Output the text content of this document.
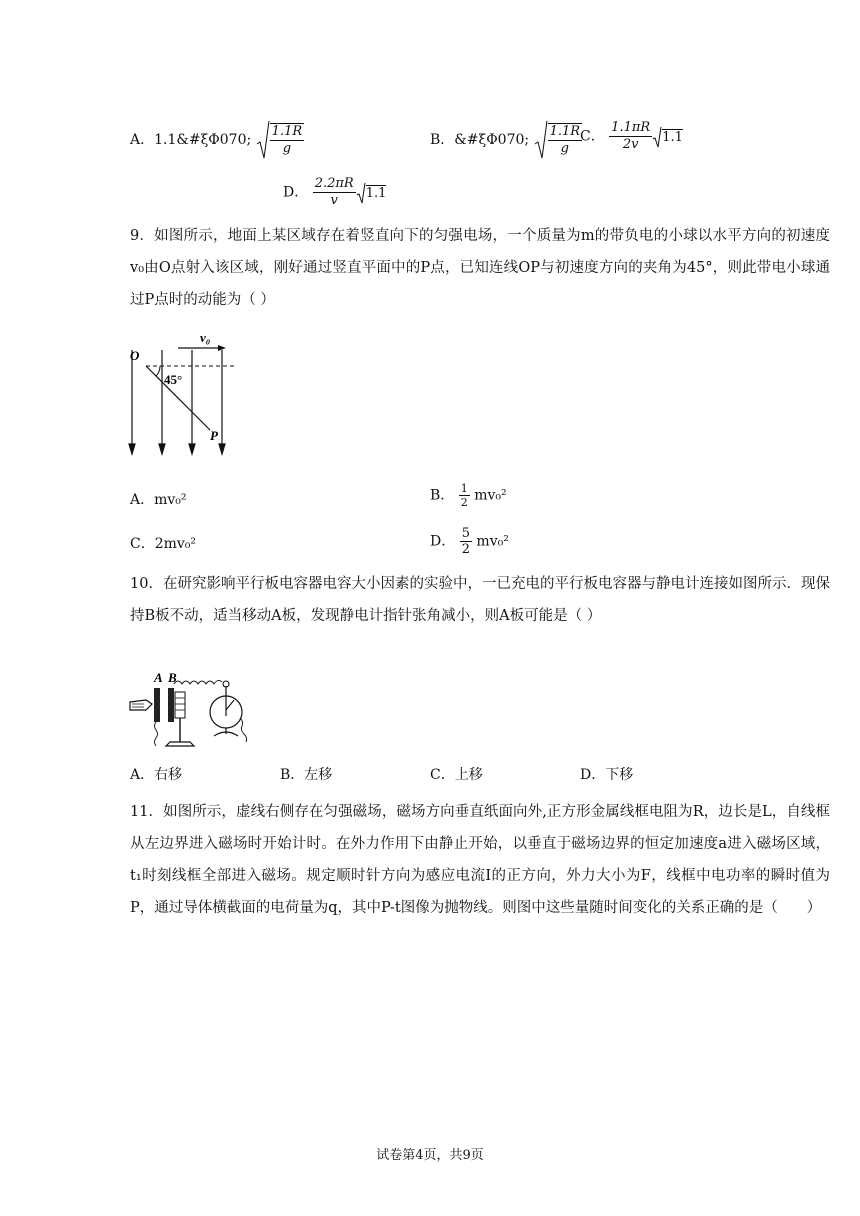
A．1.1&#ξΦ070; $\frac{1.1R}{g}$	B．&#ξΦ070; $\frac{1.1R}{g}$
C． $\frac{1.1\pi R}{2v} 1.1$
D． $\frac{2.2\pi R}{v} 1.1$
9．如图所示，地面上某区域存在着竖直向下的匀强电场，一个质量为m的带负电的小球以水平方向的初速度v₀由O点射入该区域，刚好通过竖直平面中的P点，已知连线OP与初速度方向的夹角为45°，则此带电小球通过P点时的动能为（ ）
O
v₀
45°
P
A．mv₀²	B． $\frac{1}{2} mv_0^2$
C．2mv₀²	D． $\frac{5}{2} mv_0^2$
10．在研究影响平行板电容器电容大小因素的实验中，一已充电的平行板电容器与静电计连接如图所示．现保持B板不动，适当移动A板，发现静电计指针张角减小，则A板可能是（ ）
A B
A．右移	B．左移	C．上移	D．下移
11．如图所示，虚线右侧存在匀强磁场，磁场方向垂直纸面向外,正方形金属线框电阻为R，边长是L，自线框从左边界进入磁场时开始计时。在外力作用下由静止开始，以垂直于磁场边界的恒定加速度a进入磁场区域，t₁时刻线框全部进入磁场。规定顺时针方向为感应电流I的正方向，外力大小为F，线框中电功率的瞬时值为P，通过导体横截面的电荷量为q，其中P-t图像为抛物线。则图中这些量随时间变化的关系正确的是（　　）
试卷第4页，共9页
